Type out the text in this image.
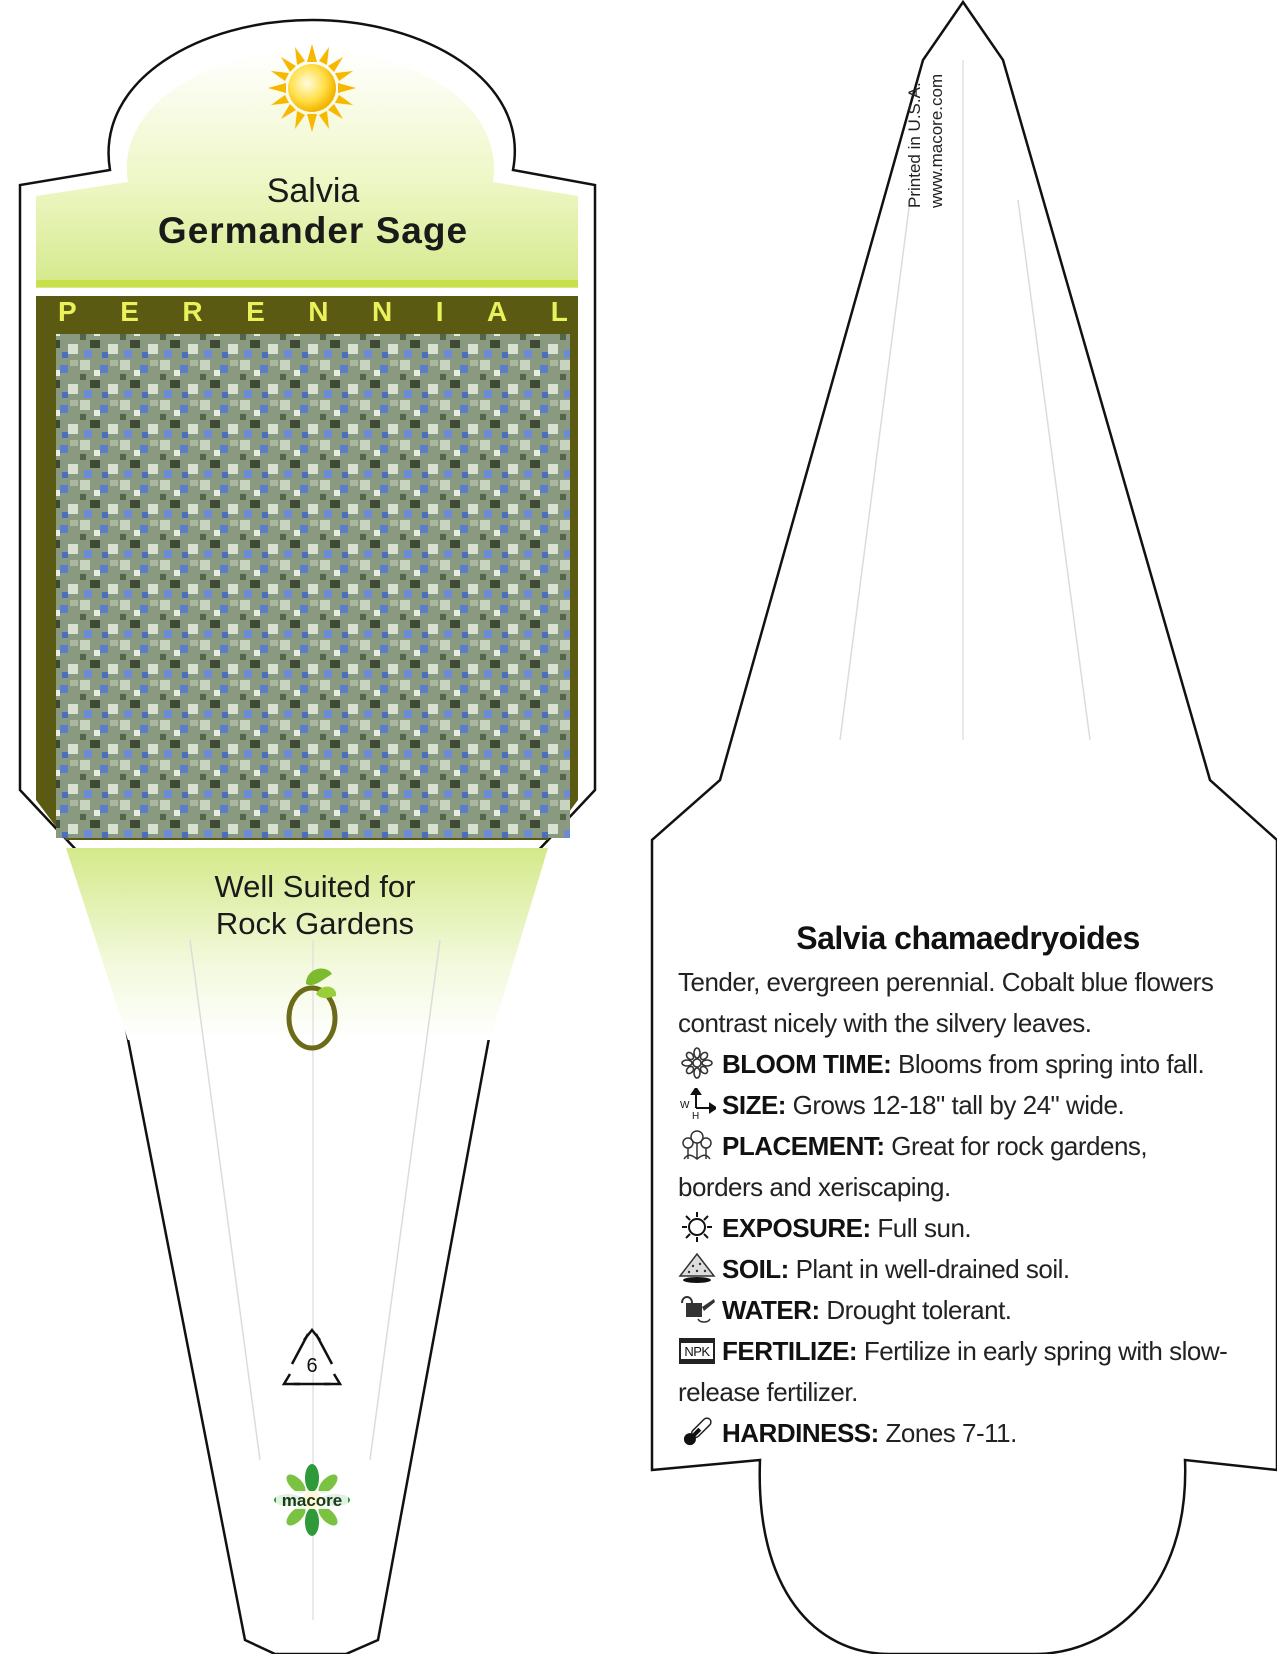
6
macore
Salvia
Germander Sage
P E R E N N I A L
Well Suited for
Rock Gardens
Printed in U.S.A. www.macore.com
Salvia chamaedryoides
Tender, evergreen perennial. Cobalt blue flowers contrast nicely with the silvery leaves.
BLOOM TIME: Blooms from spring into fall.
W
H SIZE: Grows 12-18" tall by 24" wide.
PLACEMENT: Great for rock gardens, borders and xeriscaping.
EXPOSURE: Full sun.
SOIL: Plant in well-drained soil.
WATER: Drought tolerant.
NPK FERTILIZE: Fertilize in early spring with slow-release fertilizer.
HARDINESS: Zones 7-11.
